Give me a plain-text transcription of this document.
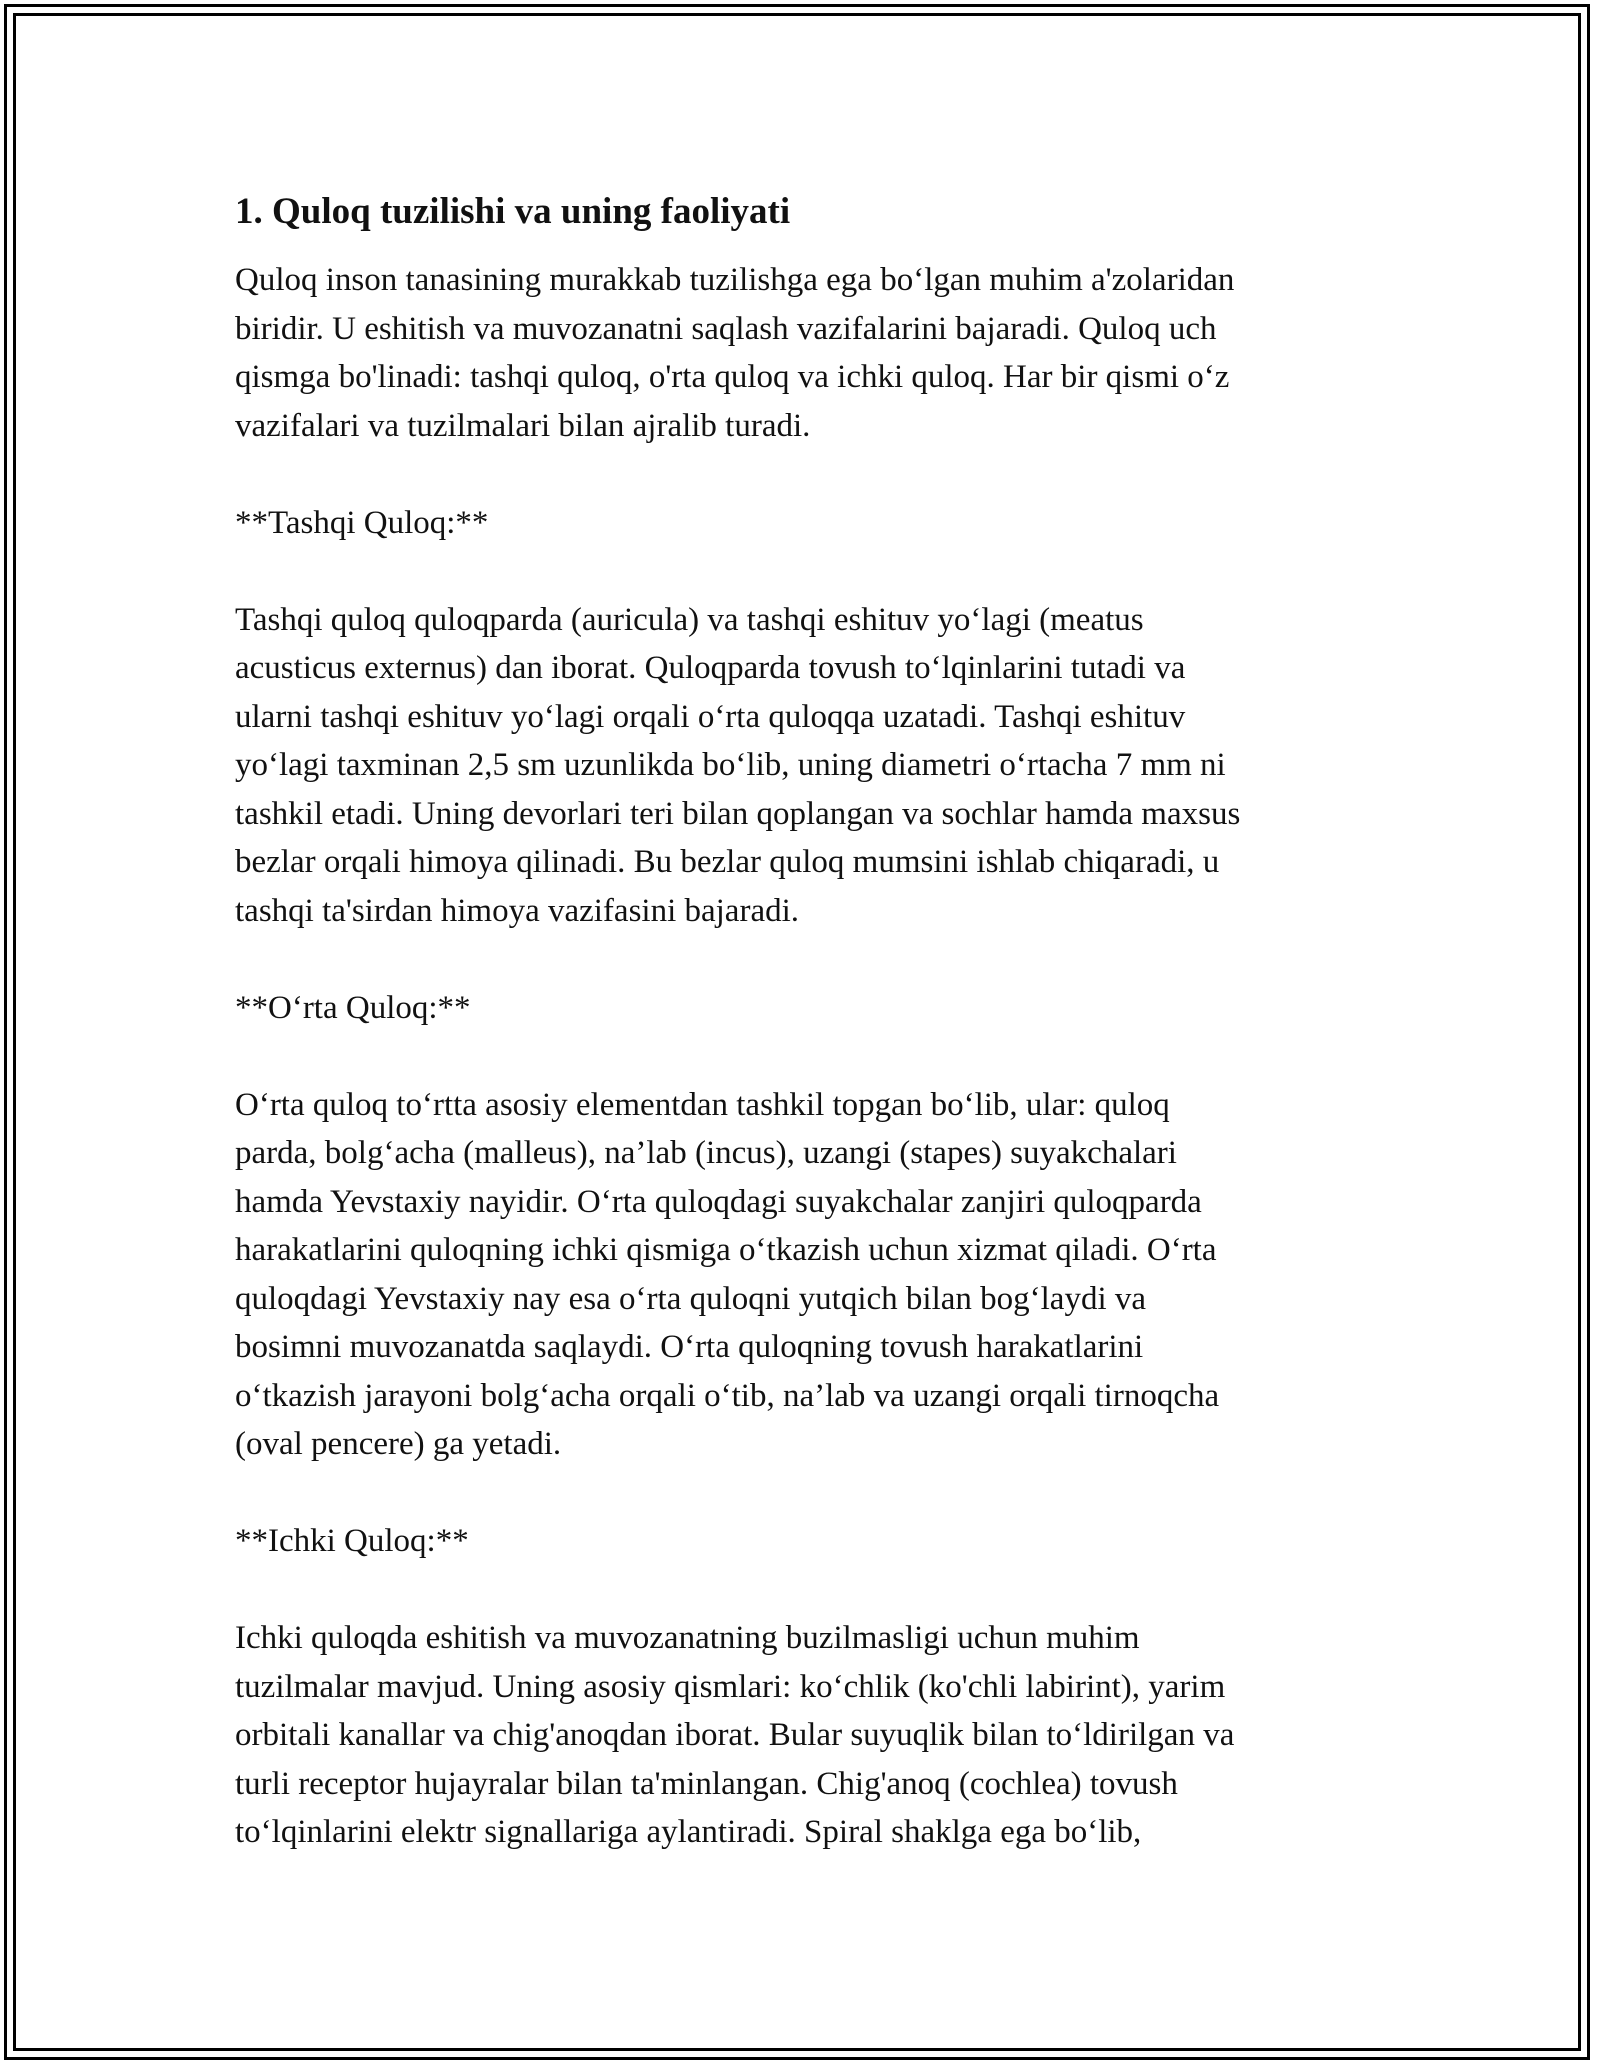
1. Quloq tuzilishi va uning faoliyati

Quloq inson tanasining murakkab tuzilishga ega bo‘lgan muhim a'zolaridan
biridir. U eshitish va muvozanatni saqlash vazifalarini bajaradi. Quloq uch
qismga bo'linadi: tashqi quloq, o'rta quloq va ichki quloq. Har bir qismi o‘z
vazifalari va tuzilmalari bilan ajralib turadi.

**Tashqi Quloq:**

Tashqi quloq quloqparda (auricula) va tashqi eshituv yo‘lagi (meatus
acusticus externus) dan iborat. Quloqparda tovush to‘lqinlarini tutadi va
ularni tashqi eshituv yo‘lagi orqali o‘rta quloqqa uzatadi. Tashqi eshituv
yo‘lagi taxminan 2,5 sm uzunlikda bo‘lib, uning diametri o‘rtacha 7 mm ni
tashkil etadi. Uning devorlari teri bilan qoplangan va sochlar hamda maxsus
bezlar orqali himoya qilinadi. Bu bezlar quloq mumsini ishlab chiqaradi, u
tashqi ta'sirdan himoya vazifasini bajaradi.

**O‘rta Quloq:**

O‘rta quloq to‘rtta asosiy elementdan tashkil topgan bo‘lib, ular: quloq
parda, bolg‘acha (malleus), na’lab (incus), uzangi (stapes) suyakchalari
hamda Yevstaxiy nayidir. O‘rta quloqdagi suyakchalar zanjiri quloqparda
harakatlarini quloqning ichki qismiga o‘tkazish uchun xizmat qiladi. O‘rta
quloqdagi Yevstaxiy nay esa o‘rta quloqni yutqich bilan bog‘laydi va
bosimni muvozanatda saqlaydi. O‘rta quloqning tovush harakatlarini
o‘tkazish jarayoni bolg‘acha orqali o‘tib, na’lab va uzangi orqali tirnoqcha
(oval pencere) ga yetadi.

**Ichki Quloq:**

Ichki quloqda eshitish va muvozanatning buzilmasligi uchun muhim
tuzilmalar mavjud. Uning asosiy qismlari: ko‘chlik (ko'chli labirint), yarim
orbitali kanallar va chig'anoqdan iborat. Bular suyuqlik bilan to‘ldirilgan va
turli receptor hujayralar bilan ta'minlangan. Chig'anoq (cochlea) tovush
to‘lqinlarini elektr signallariga aylantiradi. Spiral shaklga ega bo‘lib,
